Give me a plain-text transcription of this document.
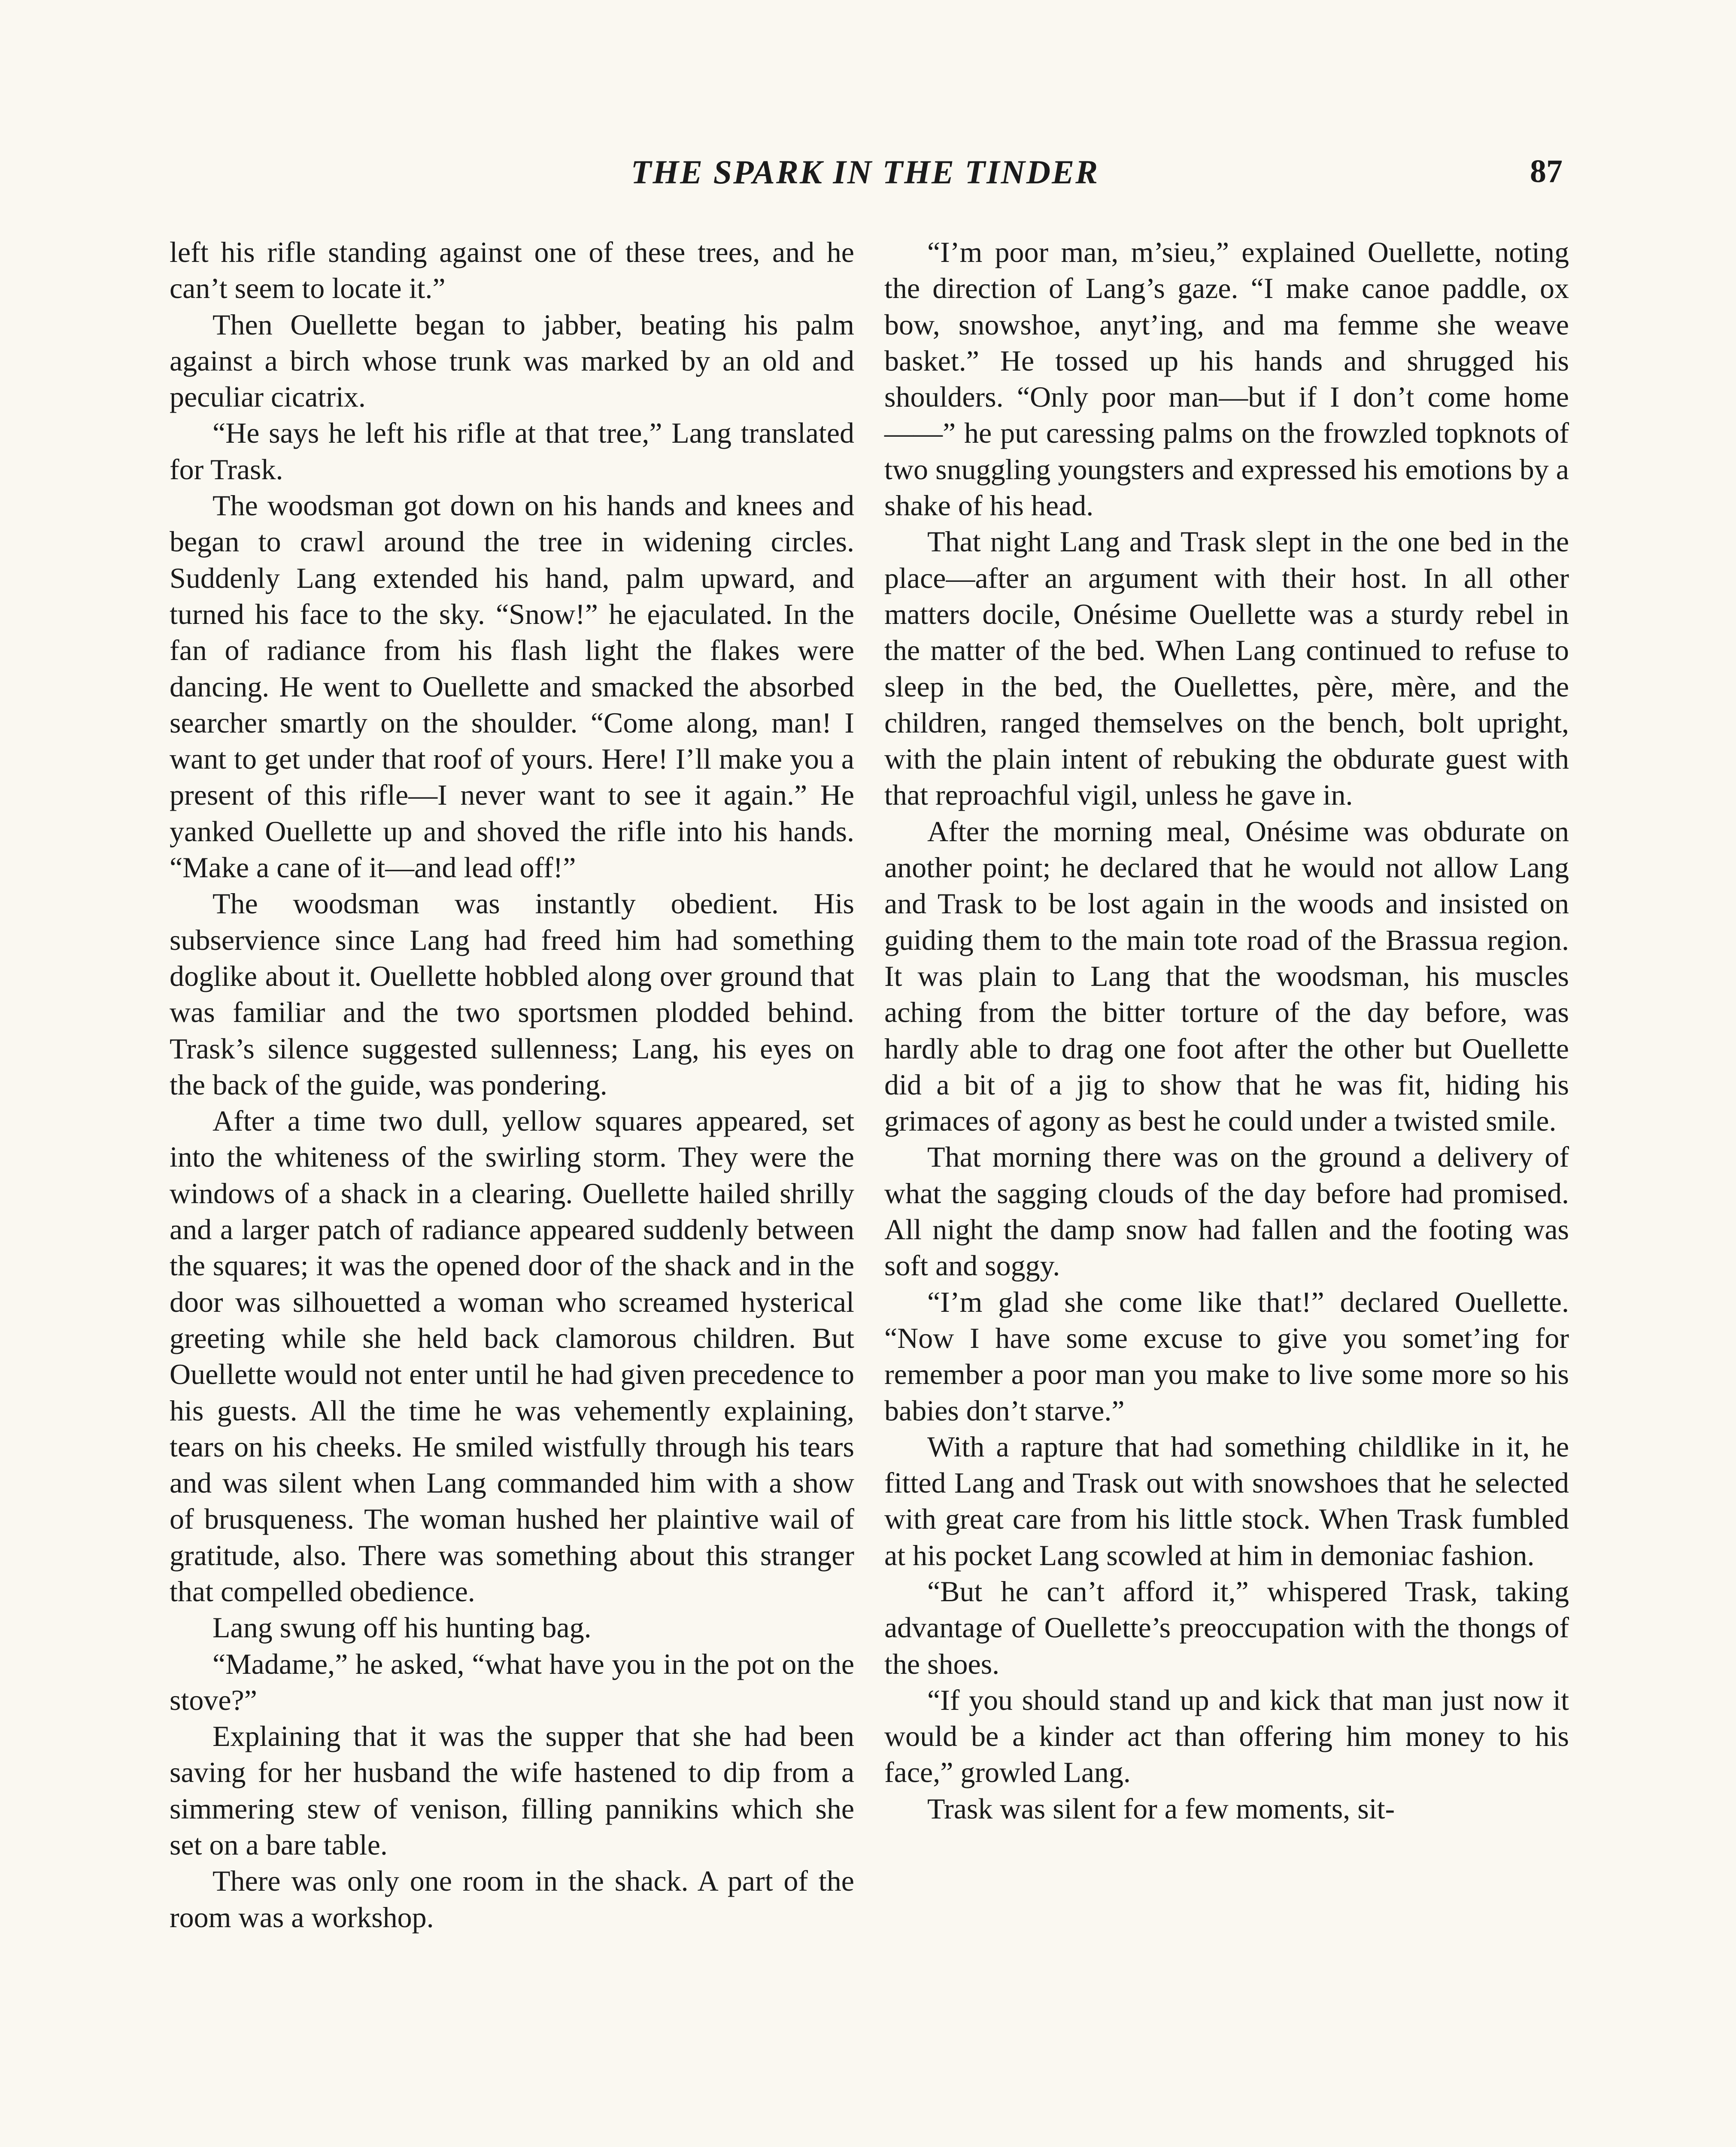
THE SPARK IN THE TINDER	87

left his rifle standing against one of these trees, and he can’t seem to locate it.”

Then Ouellette began to jabber, beating his palm against a birch whose trunk was marked by an old and peculiar cicatrix.

“He says he left his rifle at that tree,” Lang translated for Trask.

The woodsman got down on his hands and knees and began to crawl around the tree in widening circles. Suddenly Lang extended his hand, palm upward, and turned his face to the sky. “Snow!” he ejaculated. In the fan of radiance from his flash light the flakes were dancing. He went to Ouellette and smacked the absorbed searcher smartly on the shoulder. “Come along, man! I want to get under that roof of yours. Here! I’ll make you a present of this rifle—I never want to see it again.” He yanked Ouellette up and shoved the rifle into his hands. “Make a cane of it—and lead off!”

The woodsman was instantly obedient. His subservience since Lang had freed him had something doglike about it. Ouellette hobbled along over ground that was familiar and the two sportsmen plodded behind. Trask’s silence suggested sullenness; Lang, his eyes on the back of the guide, was pondering.

After a time two dull, yellow squares appeared, set into the whiteness of the swirling storm. They were the windows of a shack in a clearing. Ouellette hailed shrilly and a larger patch of radiance appeared suddenly between the squares; it was the opened door of the shack and in the door was silhouetted a woman who screamed hysterical greeting while she held back clamorous children. But Ouellette would not enter until he had given precedence to his guests. All the time he was vehemently explaining, tears on his cheeks. He smiled wistfully through his tears and was silent when Lang commanded him with a show of brusqueness. The woman hushed her plaintive wail of gratitude, also. There was something about this stranger that compelled obedience.

Lang swung off his hunting bag.

“Madame,” he asked, “what have you in the pot on the stove?”

Explaining that it was the supper that she had been saving for her husband the wife hastened to dip from a simmering stew of venison, filling pannikins which she set on a bare table.

There was only one room in the shack. A part of the room was a workshop.

“I’m poor man, m’sieu,” explained Ouellette, noting the direction of Lang’s gaze. “I make canoe paddle, ox bow, snowshoe, anyt’ing, and ma femme she weave basket.” He tossed up his hands and shrugged his shoulders. “Only poor man—but if I don’t come home——” he put caressing palms on the frowzled topknots of two snuggling youngsters and expressed his emotions by a shake of his head.

That night Lang and Trask slept in the one bed in the place—after an argument with their host. In all other matters docile, Onésime Ouellette was a sturdy rebel in the matter of the bed. When Lang continued to refuse to sleep in the bed, the Ouellettes, père, mère, and the children, ranged themselves on the bench, bolt upright, with the plain intent of rebuking the obdurate guest with that reproachful vigil, unless he gave in.

After the morning meal, Onésime was obdurate on another point; he declared that he would not allow Lang and Trask to be lost again in the woods and insisted on guiding them to the main tote road of the Brassua region. It was plain to Lang that the woodsman, his muscles aching from the bitter torture of the day before, was hardly able to drag one foot after the other but Ouellette did a bit of a jig to show that he was fit, hiding his grimaces of agony as best he could under a twisted smile.

That morning there was on the ground a delivery of what the sagging clouds of the day before had promised. All night the damp snow had fallen and the footing was soft and soggy.

“I’m glad she come like that!” declared Ouellette. “Now I have some excuse to give you somet’ing for remember a poor man you make to live some more so his babies don’t starve.”

With a rapture that had something childlike in it, he fitted Lang and Trask out with snowshoes that he selected with great care from his little stock. When Trask fumbled at his pocket Lang scowled at him in demoniac fashion.

“But he can’t afford it,” whispered Trask, taking advantage of Ouellette’s preoccupation with the thongs of the shoes.

“If you should stand up and kick that man just now it would be a kinder act than offering him money to his face,” growled Lang.

Trask was silent for a few moments, sit-
